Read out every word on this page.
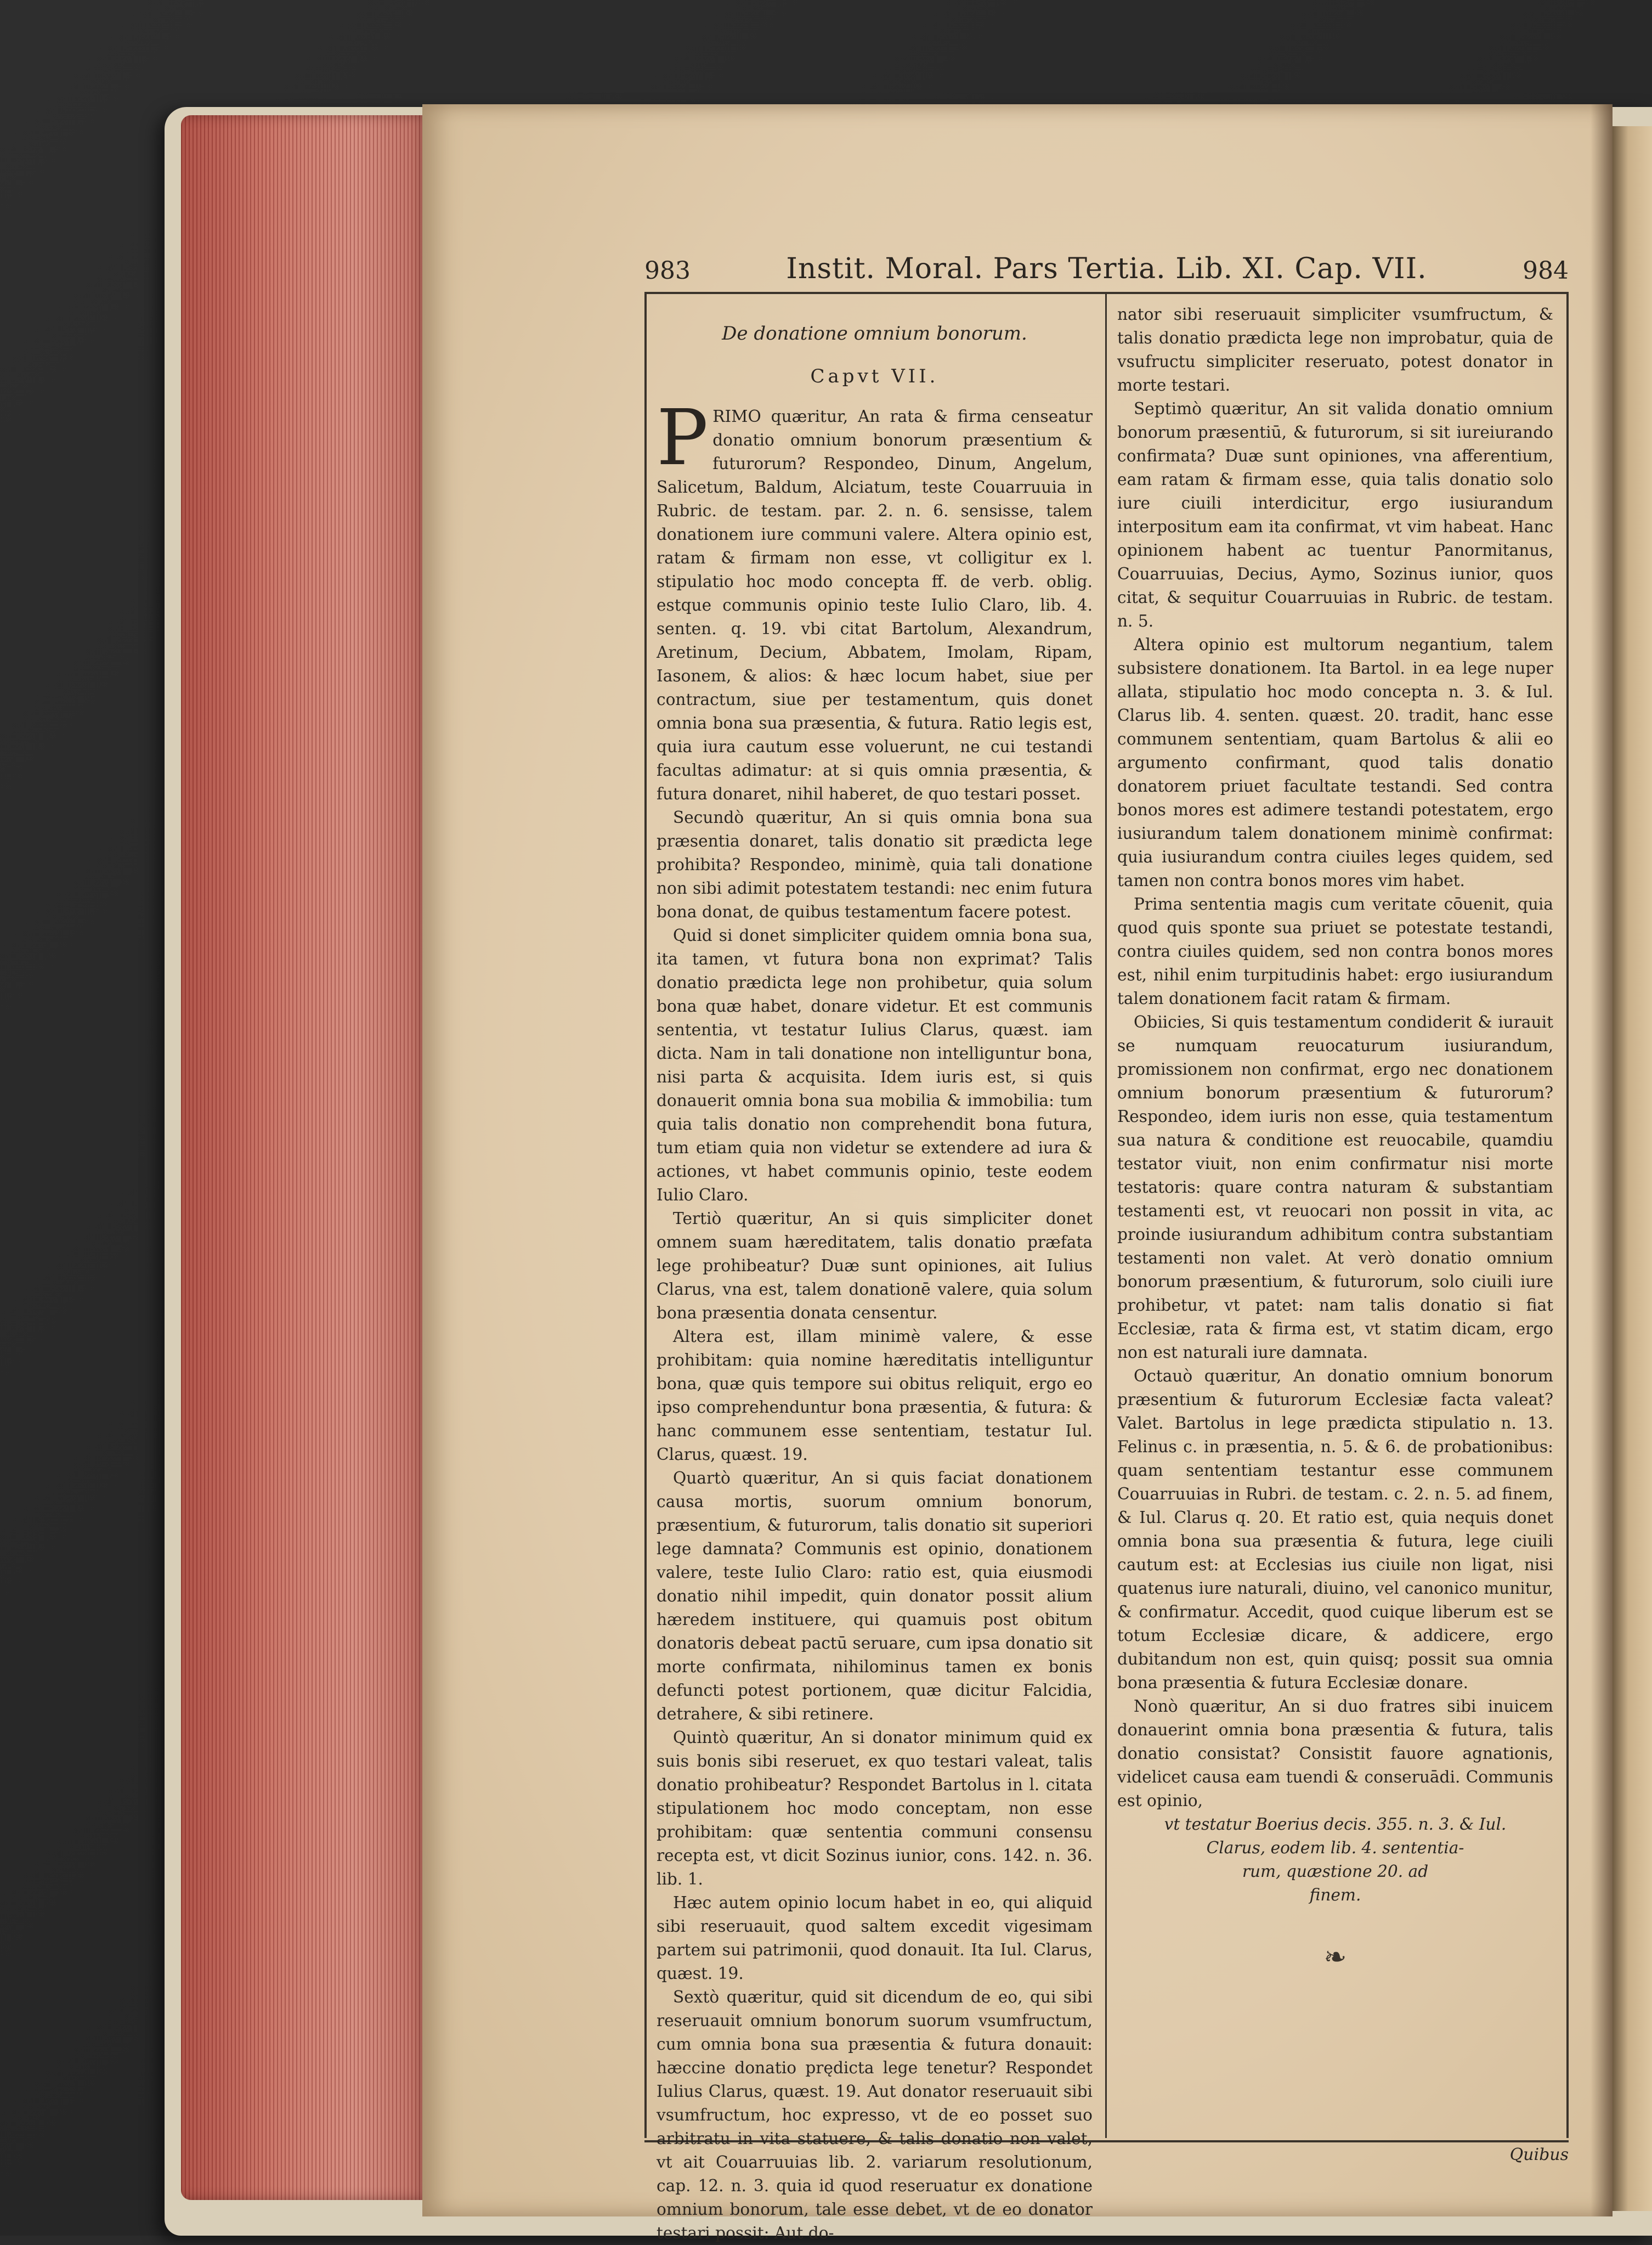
983	Instit. Moral. Pars Tertia. Lib. XI. Cap. VII.	984
De donatione omnium bonorum.
Capvt VII.

PRIMO quæritur, An rata & firma censeatur donatio omnium bonorum præsentium & futurorum? Respondeo, Dinum, Angelum, Salicetum, Baldum, Alciatum, teste Couarruuia in Rubric. de testam. par. 2. n. 6. sensisse, talem donationem iure communi valere. Altera opinio est, ratam & firmam non esse, vt colligitur ex l. stipulatio hoc modo concepta ff. de verb. oblig. estque communis opinio teste Iulio Claro, lib. 4. senten. q. 19. vbi citat Bartolum, Alexandrum, Aretinum, Decium, Abbatem, Imolam, Ripam, Iasonem, & alios: & hæc locum habet, siue per contractum, siue per testamentum, quis donet omnia bona sua præsentia, & futura. Ratio legis est, quia iura cautum esse voluerunt, ne cui testandi facultas adimatur: at si quis omnia præsentia, & futura donaret, nihil haberet, de quo testari posset.

Secundò quæritur, An si quis omnia bona sua præsentia donaret, talis donatio sit prædicta lege prohibita? Respondeo, minimè, quia tali donatione non sibi adimit potestatem testandi: nec enim futura bona donat, de quibus testamentum facere potest.

Quid si donet simpliciter quidem omnia bona sua, ita tamen, vt futura bona non exprimat? Talis donatio prædicta lege non prohibetur, quia solum bona quæ habet, donare videtur. Et est communis sententia, vt testatur Iulius Clarus, quæst. iam dicta. Nam in tali donatione non intelliguntur bona, nisi parta & acquisita. Idem iuris est, si quis donauerit omnia bona sua mobilia & immobilia: tum quia talis donatio non comprehendit bona futura, tum etiam quia non videtur se extendere ad iura & actiones, vt habet communis opinio, teste eodem Iulio Claro.

Tertiò quæritur, An si quis simpliciter donet omnem suam hæreditatem, talis donatio præfata lege prohibeatur? Duæ sunt opiniones, ait Iulius Clarus, vna est, talem donationē valere, quia solum bona præsentia donata censentur.

Altera est, illam minimè valere, & esse prohibitam: quia nomine hæreditatis intelliguntur bona, quæ quis tempore sui obitus reliquit, ergo eo ipso comprehenduntur bona præsentia, & futura: & hanc communem esse sententiam, testatur Iul. Clarus, quæst. 19.

Quartò quæritur, An si quis faciat donationem causa mortis, suorum omnium bonorum, præsentium, & futurorum, talis donatio sit superiori lege damnata? Communis est opinio, donationem valere, teste Iulio Claro: ratio est, quia eiusmodi donatio nihil impedit, quin donator possit alium hæredem instituere, qui quamuis post obitum donatoris debeat pactū seruare, cum ipsa donatio sit morte confirmata, nihilominus tamen ex bonis defuncti potest portionem, quæ dicitur Falcidia, detrahere, & sibi retinere.

Quintò quæritur, An si donator minimum quid ex suis bonis sibi reseruet, ex quo testari valeat, talis donatio prohibeatur? Respondet Bartolus in l. citata stipulationem hoc modo conceptam, non esse prohibitam: quæ sententia communi consensu recepta est, vt dicit Sozinus iunior, cons. 142. n. 36. lib. 1.

Hæc autem opinio locum habet in eo, qui aliquid sibi reseruauit, quod saltem excedit vigesimam partem sui patrimonii, quod donauit. Ita Iul. Clarus, quæst. 19.

Sextò quæritur, quid sit dicendum de eo, qui sibi reseruauit omnium bonorum suorum vsumfructum, cum omnia bona sua præsentia & futura donauit: hæccine donatio prędicta lege tenetur? Respondet Iulius Clarus, quæst. 19. Aut donator reseruauit sibi vsumfructum, hoc expresso, vt de eo posset suo arbitratu in vita statuere, & talis donatio non valet, vt ait Couarruuias lib. 2. variarum resolutionum, cap. 12. n. 3. quia id quod reseruatur ex donatione omnium bonorum, tale esse debet, vt de eo donator testari possit: Aut do-

nator sibi reseruauit simpliciter vsumfructum, & talis donatio prædicta lege non improbatur, quia de vsufructu simpliciter reseruato, potest donator in morte testari.

Septimò quæritur, An sit valida donatio omnium bonorum præsentiū, & futurorum, si sit iureiurando confirmata? Duæ sunt opiniones, vna afferentium, eam ratam & firmam esse, quia talis donatio solo iure ciuili interdicitur, ergo iusiurandum interpositum eam ita confirmat, vt vim habeat. Hanc opinionem habent ac tuentur Panormitanus, Couarruuias, Decius, Aymo, Sozinus iunior, quos citat, & sequitur Couarruuias in Rubric. de testam. n. 5.

Altera opinio est multorum negantium, talem subsistere donationem. Ita Bartol. in ea lege nuper allata, stipulatio hoc modo concepta n. 3. & Iul. Clarus lib. 4. senten. quæst. 20. tradit, hanc esse communem sententiam, quam Bartolus & alii eo argumento confirmant, quod talis donatio donatorem priuet facultate testandi. Sed contra bonos mores est adimere testandi potestatem, ergo iusiurandum talem donationem minimè confirmat: quia iusiurandum contra ciuiles leges quidem, sed tamen non contra bonos mores vim habet.

Prima sententia magis cum veritate cōuenit, quia quod quis sponte sua priuet se potestate testandi, contra ciuiles quidem, sed non contra bonos mores est, nihil enim turpitudinis habet: ergo iusiurandum talem donationem facit ratam & firmam.

Obiicies, Si quis testamentum condiderit & iurauit se numquam reuocaturum iusiurandum, promissionem non confirmat, ergo nec donationem omnium bonorum præsentium & futurorum? Respondeo, idem iuris non esse, quia testamentum sua natura & conditione est reuocabile, quamdiu testator viuit, non enim confirmatur nisi morte testatoris: quare contra naturam & substantiam testamenti est, vt reuocari non possit in vita, ac proinde iusiurandum adhibitum contra substantiam testamenti non valet. At verò donatio omnium bonorum præsentium, & futurorum, solo ciuili iure prohibetur, vt patet: nam talis donatio si fiat Ecclesiæ, rata & firma est, vt statim dicam, ergo non est naturali iure damnata.

Octauò quæritur, An donatio omnium bonorum præsentium & futurorum Ecclesiæ facta valeat? Valet. Bartolus in lege prædicta stipulatio n. 13. Felinus c. in præsentia, n. 5. & 6. de probationibus: quam sententiam testantur esse communem Couarruuias in Rubri. de testam. c. 2. n. 5. ad finem, & Iul. Clarus q. 20. Et ratio est, quia nequis donet omnia bona sua præsentia & futura, lege ciuili cautum est: at Ecclesias ius ciuile non ligat, nisi quatenus iure naturali, diuino, vel canonico munitur, & confirmatur. Accedit, quod cuique liberum est se totum Ecclesiæ dicare, & addicere, ergo dubitandum non est, quin quisq; possit sua omnia bona præsentia & futura Ecclesiæ donare.

Nonò quæritur, An si duo fratres sibi inuicem donauerint omnia bona præsentia & futura, talis donatio consistat? Consistit fauore agnationis, videlicet causa eam tuendi & conseruādi. Communis est opinio,

vt testatur Boerius decis. 355. n. 3. & Iul.

Clarus, eodem lib. 4. sententia-

rum, quæstione 20. ad

finem.

❧
Quibus
